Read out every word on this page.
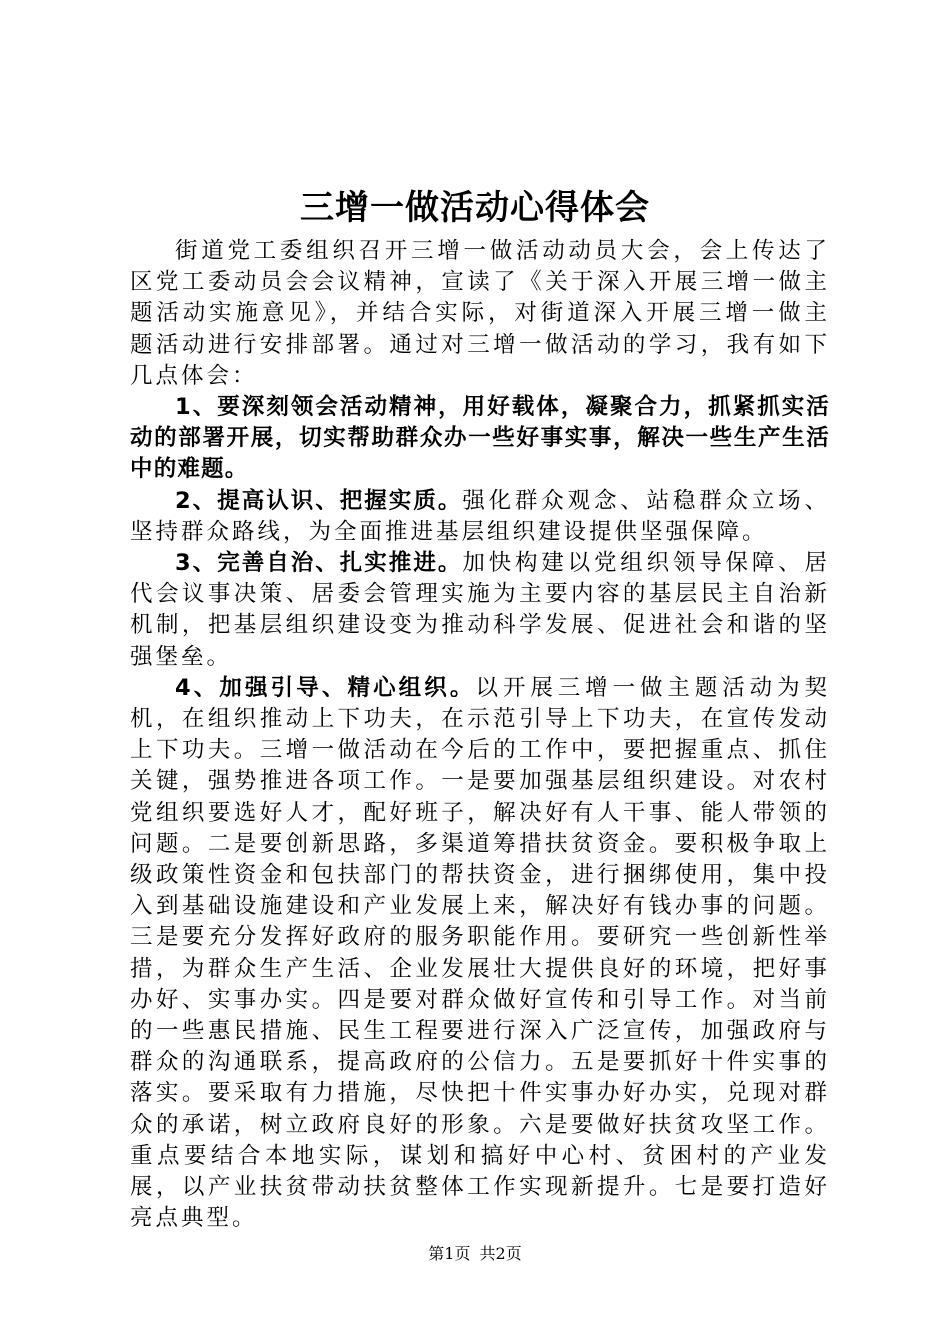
三增一做活动心得体会

街道党工委组织召开三增一做活动动员大会，会上传达了区党工委动员会会议精神，宣读了《关于深入开展三增一做主题活动实施意见》，并结合实际，对街道深入开展三增一做主题活动进行安排部署。通过对三增一做活动的学习，我有如下几点体会：

1、要深刻领会活动精神，用好载体，凝聚合力，抓紧抓实活动的部署开展，切实帮助群众办一些好事实事，解决一些生产生活中的难题。

2、提高认识、把握实质。强化群众观念、站稳群众立场、坚持群众路线，为全面推进基层组织建设提供坚强保障。

3、完善自治、扎实推进。加快构建以党组织领导保障、居代会议事决策、居委会管理实施为主要内容的基层民主自治新机制，把基层组织建设变为推动科学发展、促进社会和谐的坚强堡垒。

4、加强引导、精心组织。以开展三增一做主题活动为契机，在组织推动上下功夫，在示范引导上下功夫，在宣传发动上下功夫。三增一做活动在今后的工作中，要把握重点、抓住关键，强势推进各项工作。一是要加强基层组织建设。对农村党组织要选好人才，配好班子，解决好有人干事、能人带领的问题。二是要创新思路，多渠道筹措扶贫资金。要积极争取上级政策性资金和包扶部门的帮扶资金，进行捆绑使用，集中投入到基础设施建设和产业发展上来，解决好有钱办事的问题。三是要充分发挥好政府的服务职能作用。要研究一些创新性举措，为群众生产生活、企业发展壮大提供良好的环境，把好事办好、实事办实。四是要对群众做好宣传和引导工作。对当前的一些惠民措施、民生工程要进行深入广泛宣传，加强政府与群众的沟通联系，提高政府的公信力。五是要抓好十件实事的落实。要采取有力措施，尽快把十件实事办好办实，兑现对群众的承诺，树立政府良好的形象。六是要做好扶贫攻坚工作。重点要结合本地实际，谋划和搞好中心村、贫困村的产业发展，以产业扶贫带动扶贫整体工作实现新提升。七是要打造好亮点典型。

第1页 共2页
